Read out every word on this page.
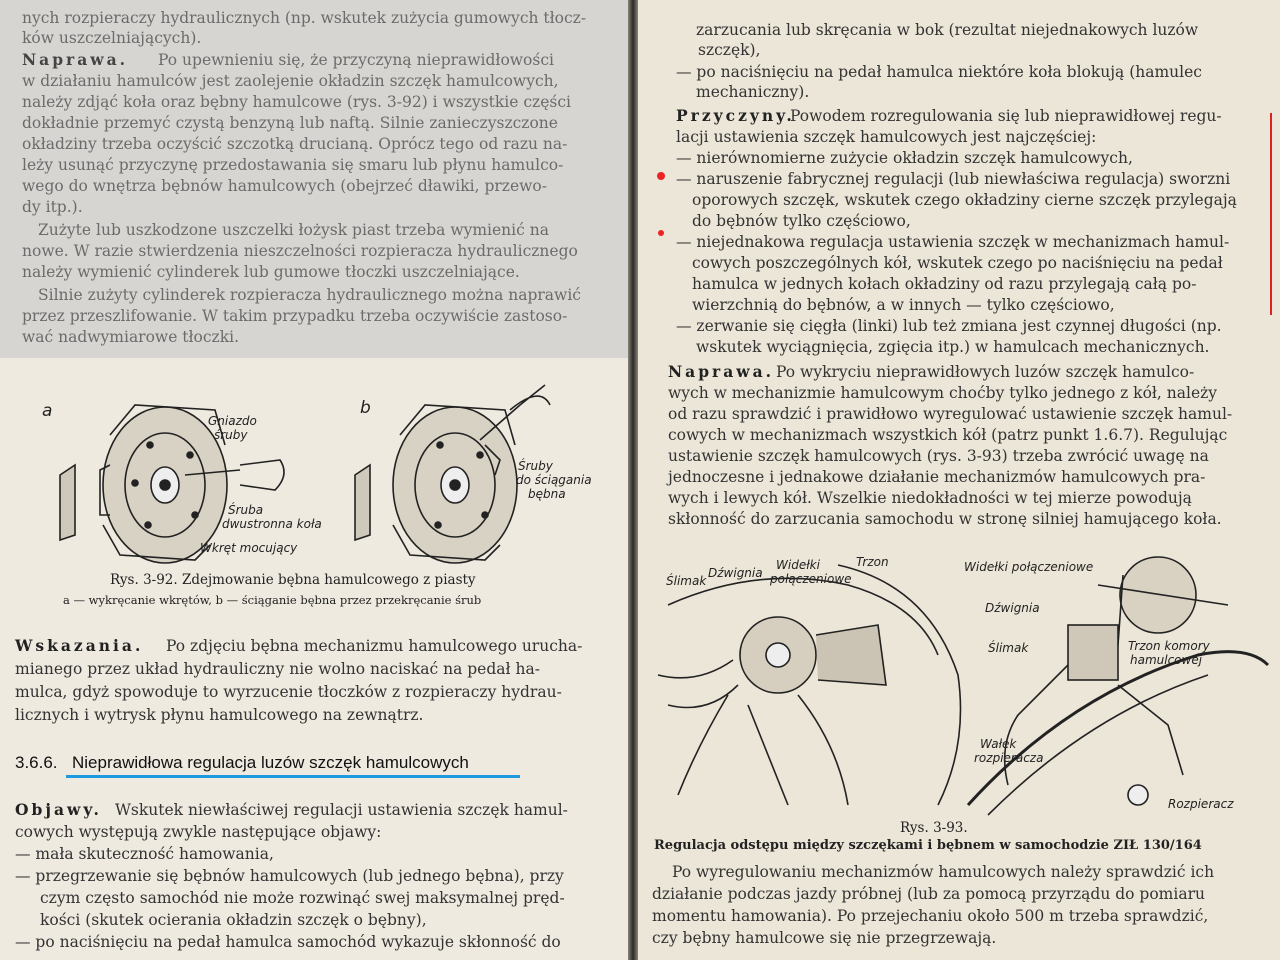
nych rozpieraczy hydraulicznych (np. wskutek zużycia gumowych tłocz-
ków uszczelniających).
Naprawa. Po upewnieniu się, że przyczyną nieprawidłowości
w działaniu hamulców jest zaolejenie okładzin szczęk hamulcowych,
należy zdjąć koła oraz bębny hamulcowe (rys. 3-92) i wszystkie części
dokładnie przemyć czystą benzyną lub naftą. Silnie zanieczyszczone
okładziny trzeba oczyścić szczotką drucianą. Oprócz tego od razu na-
leży usunąć przyczynę przedostawania się smaru lub płynu hamulco-
wego do wnętrza bębnów hamulcowych (obejrzeć dławiki, przewo-
dy itp.).
Zużyte lub uszkodzone uszczelki łożysk piast trzeba wymienić na
nowe. W razie stwierdzenia nieszczelności rozpieracza hydraulicznego
należy wymienić cylinderek lub gumowe tłoczki uszczelniające.
Silnie zużyty cylinderek rozpieracza hydraulicznego można naprawić
przez przeszlifowanie. W takim przypadku trzeba oczywiście zastoso-
wać nadwymiarowe tłoczki.
a	b
Gniazdo
śruby
Śruba
dwustronna koła
Wkręt mocujący
Śruby
do ściągania
bębna
Rys. 3-92. Zdejmowanie bębna hamulcowego z piasty
a — wykręcanie wkrętów, b — ściąganie bębna przez przekręcanie śrub
Wskazania. Po zdjęciu bębna mechanizmu hamulcowego urucha-
mianego przez układ hydrauliczny nie wolno naciskać na pedał ha-
mulca, gdyż spowoduje to wyrzucenie tłoczków z rozpieraczy hydrau-
licznych i wytrysk płynu hamulcowego na zewnątrz.
3.6.6. Nieprawidłowa regulacja luzów szczęk hamulcowych
Objawy. Wskutek niewłaściwej regulacji ustawienia szczęk hamul-
cowych występują zwykle następujące objawy:
— mała skuteczność hamowania,
— przegrzewanie się bębnów hamulcowych (lub jednego bębna), przy
czym często samochód nie może rozwinąć swej maksymalnej pręd-
kości (skutek ocierania okładzin szczęk o bębny),
— po naciśnięciu na pedał hamulca samochód wykazuje skłonność do
zarzucania lub skręcania w bok (rezultat niejednakowych luzów
szczęk),
— po naciśnięciu na pedał hamulca niektóre koła blokują (hamulec
mechaniczny).
Przyczyny.
Powodem rozregulowania się lub nieprawidłowej regu-
lacji ustawienia szczęk hamulcowych jest najczęściej:
— nierównomierne zużycie okładzin szczęk hamulcowych,
— naruszenie fabrycznej regulacji (lub niewłaściwa regulacja) sworzni
oporowych szczęk, wskutek czego okładziny cierne szczęk przylegają
do bębnów tylko częściowo,
— niejednakowa regulacja ustawienia szczęk w mechanizmach hamul-
cowych poszczególnych kół, wskutek czego po naciśnięciu na pedał
hamulca w jednych kołach okładziny od razu przylegają całą po-
wierzchnią do bębnów, a w innych — tylko częściowo,
— zerwanie się cięgła (linki) lub też zmiana jest czynnej długości (np.
wskutek wyciągnięcia, zgięcia itp.) w hamulcach mechanicznych.
Naprawa. Po wykryciu nieprawidłowych luzów szczęk hamulco-
wych w mechanizmie hamulcowym choćby tylko jednego z kół, należy
od razu sprawdzić i prawidłowo wyregulować ustawienie szczęk hamul-
cowych w mechanizmach wszystkich kół (patrz punkt 1.6.7). Regulując
ustawienie szczęk hamulcowych (rys. 3-93) trzeba zwrócić uwagę na
jednoczesne i jednakowe działanie mechanizmów hamulcowych pra-
wych i lewych kół. Wszelkie niedokładności w tej mierze powodują
skłonność do zarzucania samochodu w stronę silniej hamującego koła.
Ślimak
Dźwignia
Widełki
połączeniowe
Trzon	Widełki połączeniowe
Dźwignia
Ślimak	Trzon komory
hamulcowej
Wałek
rozpieracza
Rozpieracz
Rys. 3-93.
Regulacja odstępu między szczękami i bębnem w samochodzie ZIŁ 130/164
Po wyregulowaniu mechanizmów hamulcowych należy sprawdzić ich
działanie podczas jazdy próbnej (lub za pomocą przyrządu do pomiaru
momentu hamowania). Po przejechaniu około 500 m trzeba sprawdzić,
czy bębny hamulcowe się nie przegrzewają.
